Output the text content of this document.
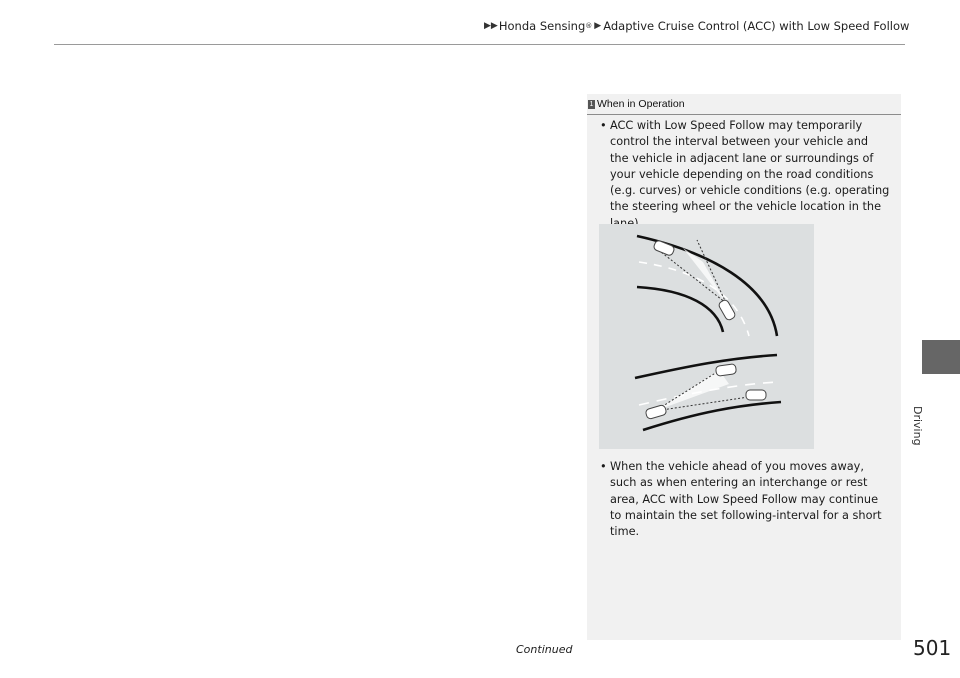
▶▶ Honda Sensing ® ▶ Adaptive Cruise Control (ACC) with Low Speed Follow
Driving
1 When in Operation
• ACC with Low Speed Follow may temporarily control the interval between your vehicle and the vehicle in adjacent lane or surroundings of your vehicle depending on the road conditions (e.g. curves) or vehicle conditions (e.g. operating the steering wheel or the vehicle location in the
• When the vehicle ahead of you moves away, such as when entering an interchange or rest area, ACC with Low Speed Follow may continue to maintain the set following-interval for a short time.
Continued	501
